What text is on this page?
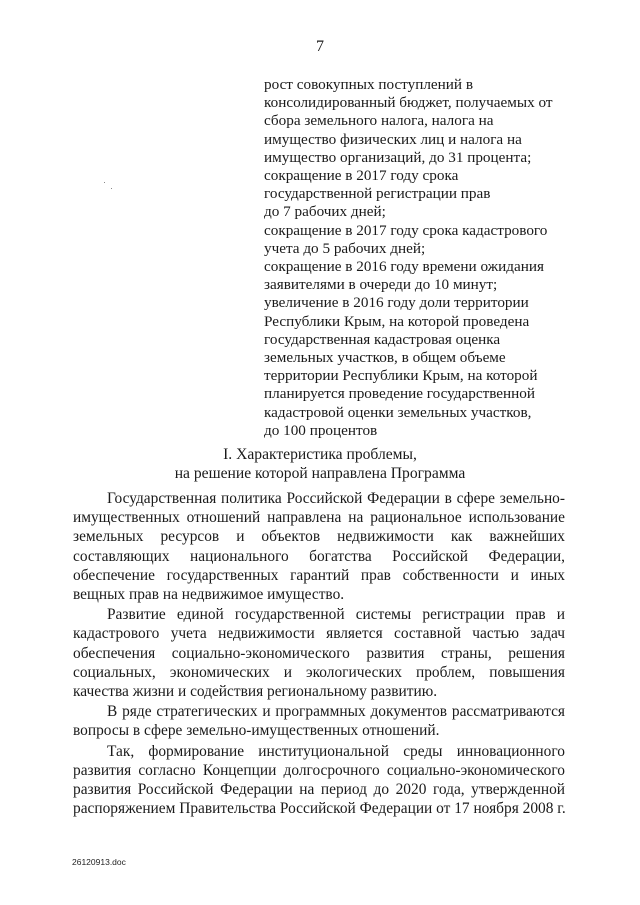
7
рост совокупных поступлений в
консолидированный бюджет, получаемых от
сбора земельного налога, налога на
имущество физических лиц и налога на
имущество организаций, до 31 процента;
сокращение в 2017 году срока
государственной регистрации прав
до 7 рабочих дней;
сокращение в 2017 году срока кадастрового
учета до 5 рабочих дней;
сокращение в 2016 году времени ожидания
заявителями в очереди до 10 минут;
увеличение в 2016 году доли территории
Республики Крым, на которой проведена
государственная кадастровая оценка
земельных участков, в общем объеме
территории Республики Крым, на которой
планируется проведение государственной
кадастровой оценки земельных участков,
до 100 процентов
I. Характеристика проблемы,
на решение которой направлена Программа

Государственная политика Российской Федерации в сфере земельно-
имущественных отношений направлена на рациональное использование
земельных ресурсов и объектов недвижимости как важнейших
составляющих национального богатства Российской Федерации,
обеспечение государственных гарантий прав собственности и иных
вещных прав на недвижимое имущество.

Развитие единой государственной системы регистрации прав и
кадастрового учета недвижимости является составной частью задач
обеспечения социально-экономического развития страны, решения
социальных, экономических и экологических проблем, повышения
качества жизни и содействия региональному развитию.

В ряде стратегических и программных документов рассматриваются
вопросы в сфере земельно-имущественных отношений.

Так, формирование институциональной среды инновационного
развития согласно Концепции долгосрочного социально-экономического
развития Российской Федерации на период до 2020 года, утвержденной
распоряжением Правительства Российской Федерации от 17 ноября 2008 г.

26120913.doc
